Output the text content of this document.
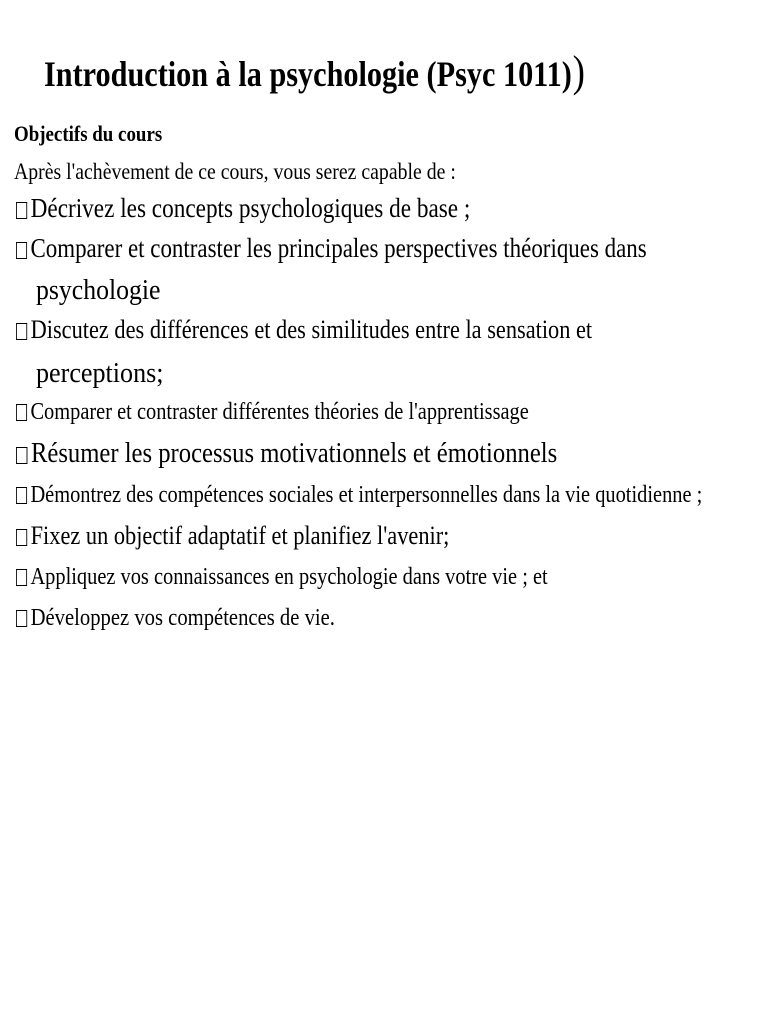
Introduction à la psychologie (Psyc 1011))

Objectifs du cours

Après l'achèvement de ce cours, vous serez capable de :

Décrivez les concepts psychologiques de base ;

Comparer et contraster les principales perspectives théoriques dans

psychologie

Discutez des différences et des similitudes entre la sensation et

perceptions;

Comparer et contraster différentes théories de l'apprentissage

Résumer les processus motivationnels et émotionnels

Démontrez des compétences sociales et interpersonnelles dans la vie quotidienne ;

Fixez un objectif adaptatif et planifiez l'avenir;

Appliquez vos connaissances en psychologie dans votre vie ; et

Développez vos compétences de vie.
